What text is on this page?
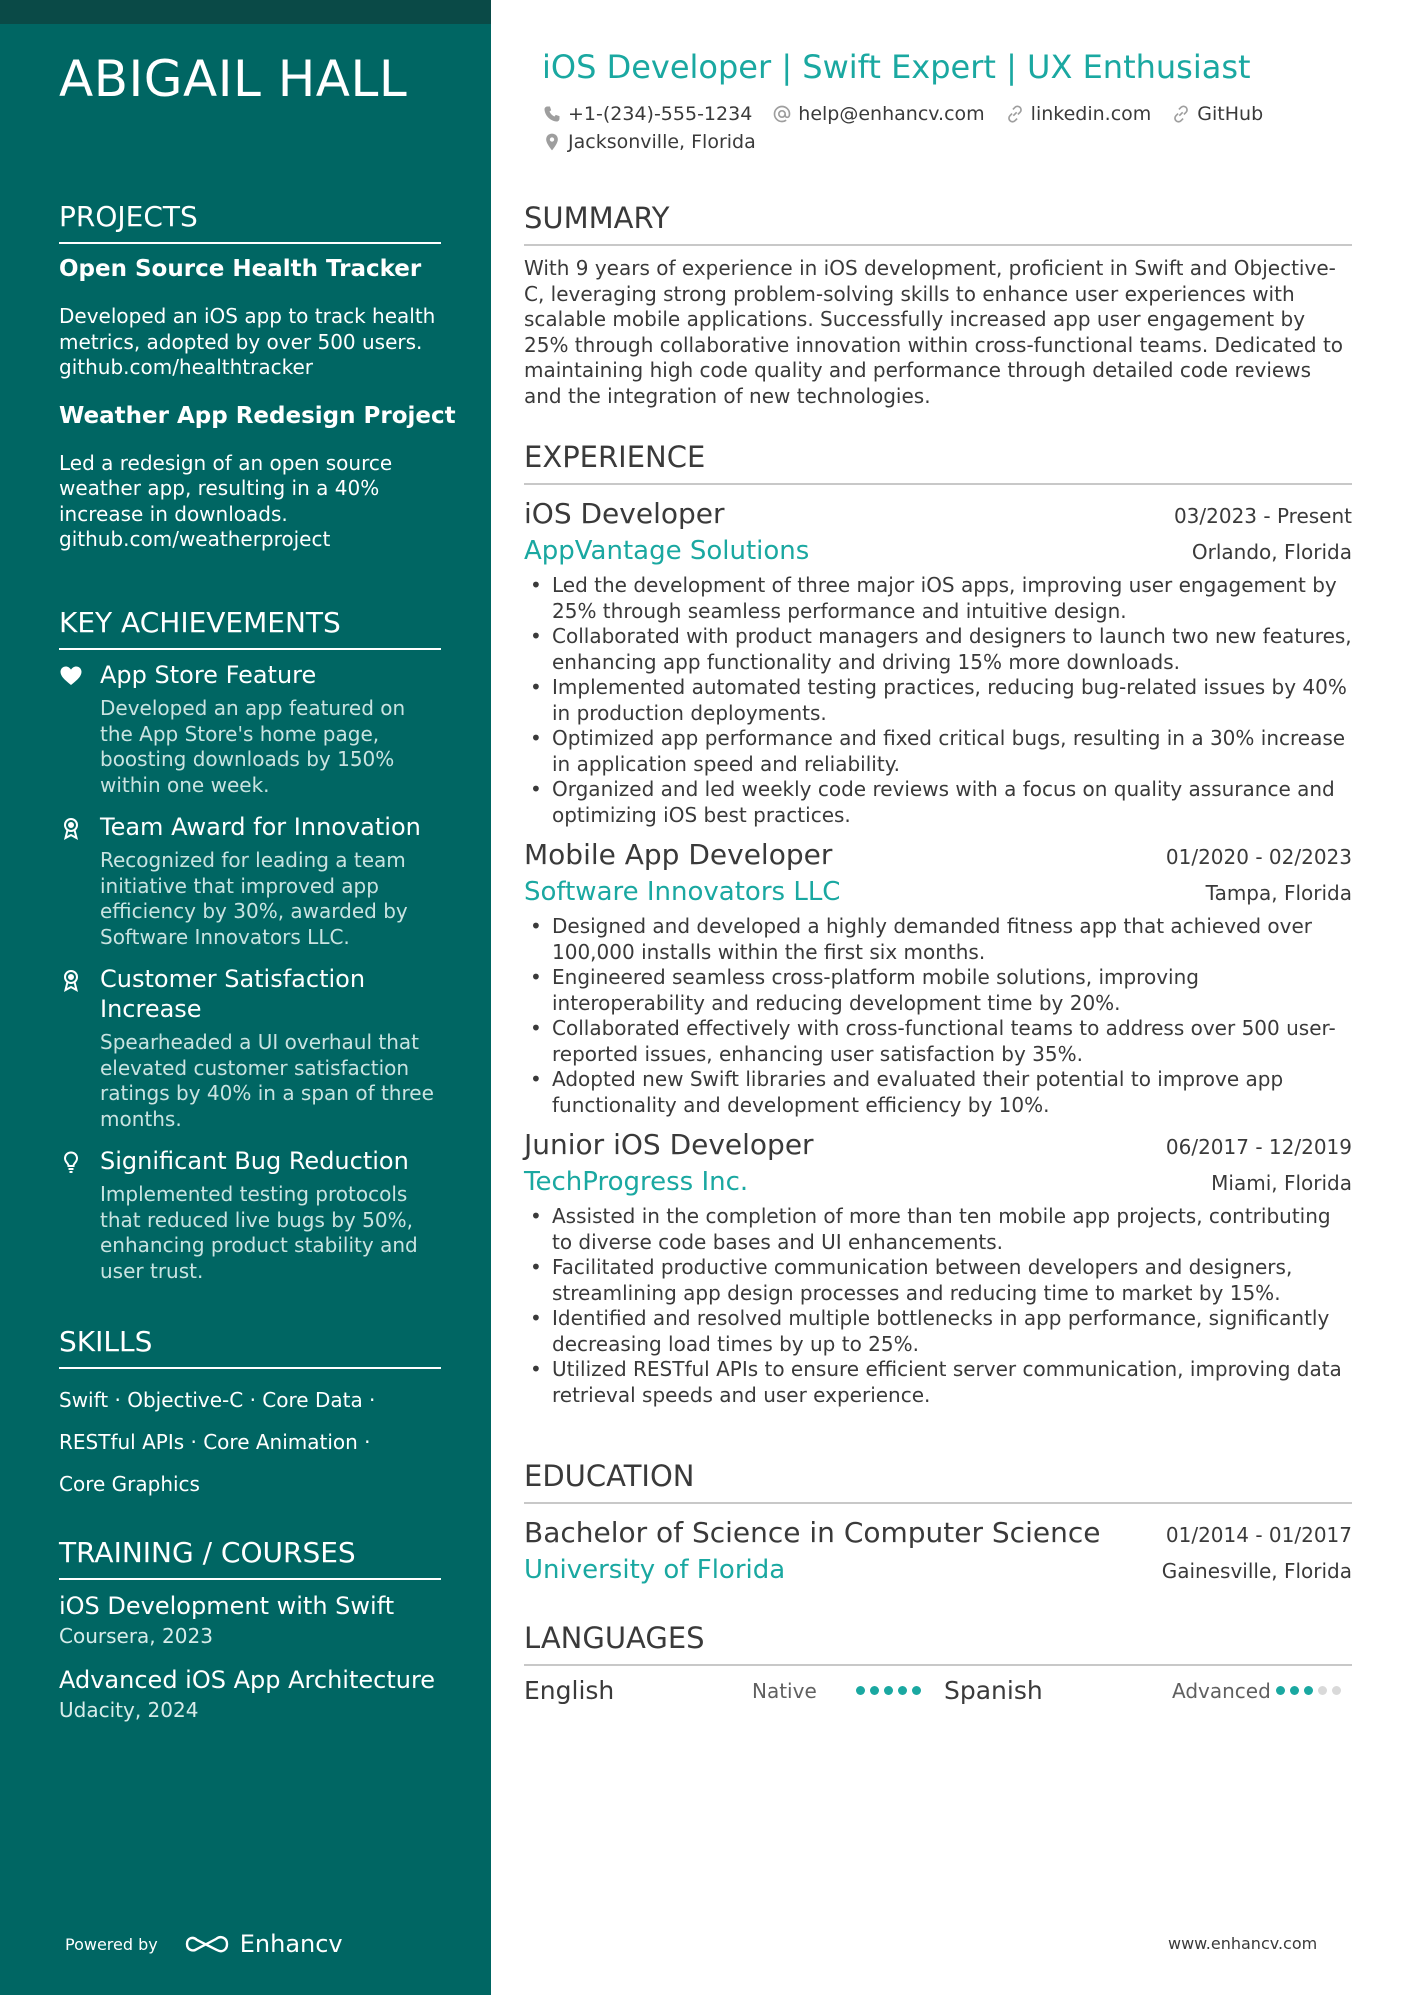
ABIGAIL HALL
PROJECTS
Open Source Health Tracker
Developed an iOS app to track health metrics, adopted by over 500 users. github.com/healthtracker
Weather App Redesign Project
Led a redesign of an open source weather app, resulting in a 40% increase in downloads. github.com/weatherproject
KEY ACHIEVEMENTS
App Store Feature
Developed an app featured on the App Store's home page, boosting downloads by 150% within one week.
Team Award for Innovation
Recognized for leading a team initiative that improved app efficiency by 30%, awarded by Software Innovators LLC.
Customer Satisfaction Increase
Spearheaded a UI overhaul that elevated customer satisfaction ratings by 40% in a span of three months.
Significant Bug Reduction
Implemented testing protocols that reduced live bugs by 50%, enhancing product stability and user trust.
SKILLS
Swift · Objective-C · Core Data ·
RESTful APIs · Core Animation ·
Core Graphics
TRAINING / COURSES
iOS Development with Swift
Coursera, 2023
Advanced iOS App Architecture
Udacity, 2024
Powered by	Enhancv
iOS Developer | Swift Expert | UX Enthusiast
+1-(234)-555-1234 help@enhancv.com linkedin.com GitHub
Jacksonville, Florida
SUMMARY

With 9 years of experience in iOS development, proficient in Swift and Objective-C, leveraging strong problem-solving skills to enhance user experiences with scalable mobile applications. Successfully increased app user engagement by 25% through collaborative innovation within cross-functional teams. Dedicated to maintaining high code quality and performance through detailed code reviews and the integration of new technologies.

EXPERIENCE
iOS Developer	03/2023 - Present
AppVantage Solutions	Orlando, Florida
• Led the development of three major iOS apps, improving user engagement by 25% through seamless performance and intuitive design.
• Collaborated with product managers and designers to launch two new features, enhancing app functionality and driving 15% more downloads.
• Implemented automated testing practices, reducing bug-related issues by 40% in production deployments.
• Optimized app performance and fixed critical bugs, resulting in a 30% increase in application speed and reliability.
• Organized and led weekly code reviews with a focus on quality assurance and optimizing iOS best practices.
Mobile App Developer	01/2020 - 02/2023
Software Innovators LLC	Tampa, Florida
• Designed and developed a highly demanded fitness app that achieved over 100,000 installs within the first six months.
• Engineered seamless cross-platform mobile solutions, improving interoperability and reducing development time by 20%.
• Collaborated effectively with cross-functional teams to address over 500 user-reported issues, enhancing user satisfaction by 35%.
• Adopted new Swift libraries and evaluated their potential to improve app functionality and development efficiency by 10%.
Junior iOS Developer	06/2017 - 12/2019
TechProgress Inc.	Miami, Florida
• Assisted in the completion of more than ten mobile app projects, contributing to diverse code bases and UI enhancements.
• Facilitated productive communication between developers and designers, streamlining app design processes and reducing time to market by 15%.
• Identified and resolved multiple bottlenecks in app performance, significantly decreasing load times by up to 25%.
• Utilized RESTful APIs to ensure efficient server communication, improving data retrieval speeds and user experience.
EDUCATION
Bachelor of Science in Computer Science	01/2014 - 01/2017
University of Florida	Gainesville, Florida
LANGUAGES
English	Native	Spanish	Advanced
www.enhancv.com
